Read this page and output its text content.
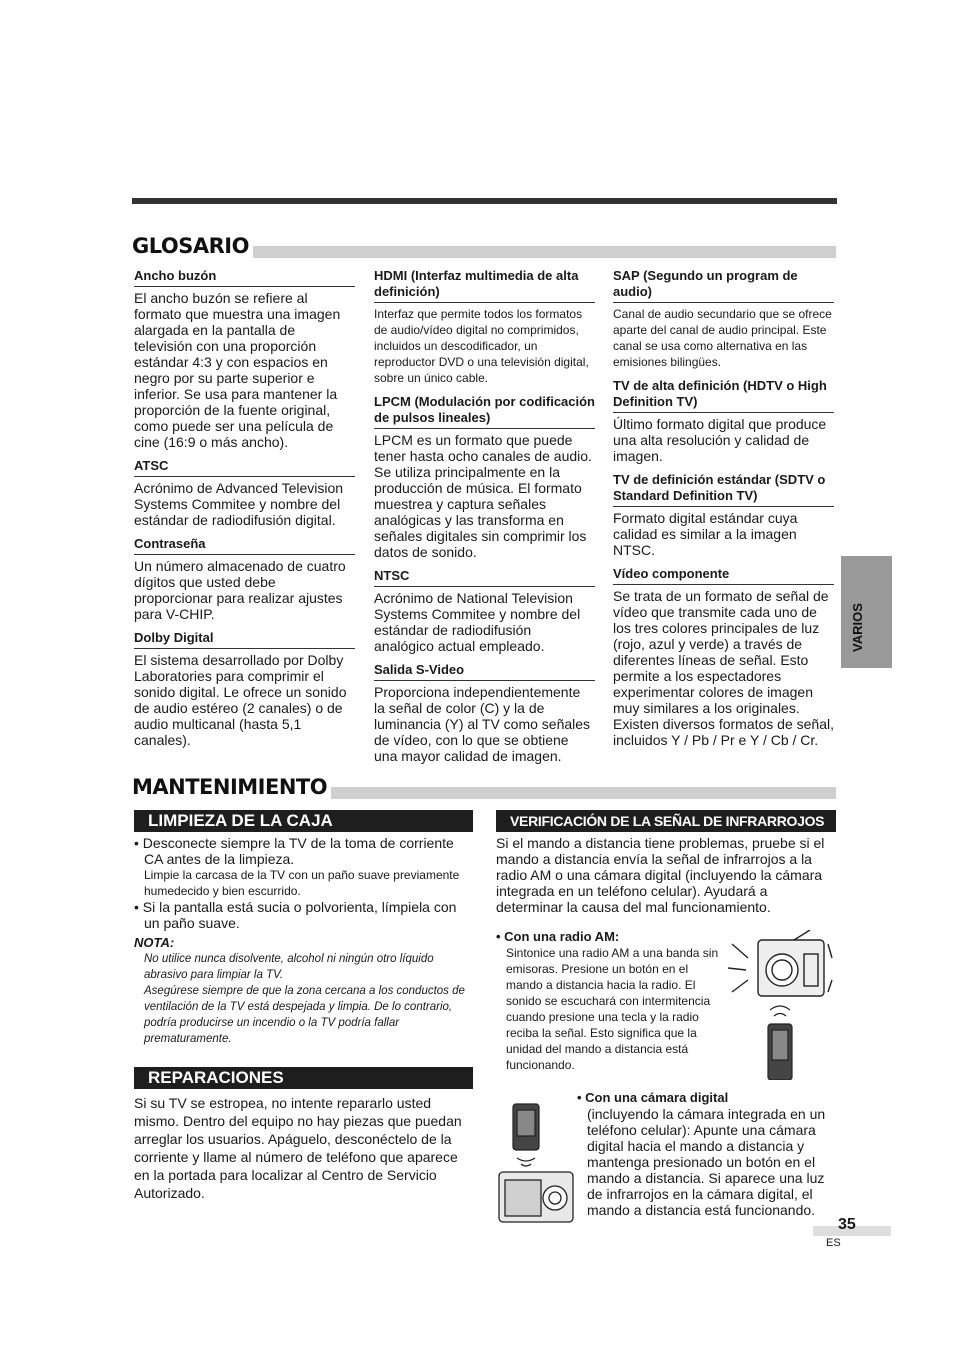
GLOSARIO
Ancho buzón
El ancho buzón se refiere al formato que muestra una imagen alargada en la pantalla de televisión con una proporción estándar 4:3 y con espacios en negro por su parte superior e inferior. Se usa para mantener la proporción de la fuente original, como puede ser una película de cine (16:9 o más ancho).
ATSC
Acrónimo de Advanced Television Systems Commitee y nombre del estándar de radiodifusión digital.
Contraseña
Un número almacenado de cuatro dígitos que usted debe proporcionar para realizar ajustes para V-CHIP.
Dolby Digital
El sistema desarrollado por Dolby Laboratories para comprimir el sonido digital. Le ofrece un sonido de audio estéreo (2 canales) o de audio multicanal (hasta 5,1 canales).
HDMI (Interfaz multimedia de alta definición)
Interfaz que permite todos los formatos de audio/vídeo digital no comprimidos, incluidos un descodificador, un reproductor DVD o una televisión digital, sobre un único cable.
LPCM (Modulación por codificación de pulsos lineales)
LPCM es un formato que puede tener hasta ocho canales de audio. Se utiliza principalmente en la producción de música. El formato muestrea y captura señales analógicas y las transforma en señales digitales sin comprimir los datos de sonido.
NTSC
Acrónimo de National Television Systems Commitee y nombre del estándar de radiodifusión analógico actual empleado.
Salida S-Video
Proporciona independientemente la señal de color (C) y la de luminancia (Y) al TV como señales de vídeo, con lo que se obtiene una mayor calidad de imagen.
SAP (Segundo un program de audio)
Canal de audio secundario que se ofrece aparte del canal de audio principal. Este canal se usa como alternativa en las emisiones bilingües.
TV de alta definición (HDTV o High Definition TV)
Último formato digital que produce una alta resolución y calidad de imagen.
TV de definición estándar (SDTV o Standard Definition TV)
Formato digital estándar cuya calidad es similar a la imagen NTSC.
Vídeo componente
Se trata de un formato de señal de vídeo que transmite cada uno de los tres colores principales de luz (rojo, azul y verde) a través de diferentes líneas de señal. Esto permite a los espectadores experimentar colores de imagen muy similares a los originales. Existen diversos formatos de señal, incluidos Y / Pb / Pr e Y / Cb / Cr.
VARIOS
MANTENIMIENTO
LIMPIEZA DE LA CAJA
• Desconecte siempre la TV de la toma de corriente CA antes de la limpieza.
Limpie la carcasa de la TV con un paño suave previamente humedecido y bien escurrido.
• Si la pantalla está sucia o polvorienta, límpiela con un paño suave.
NOTA:
No utilice nunca disolvente, alcohol ni ningún otro líquido abrasivo para limpiar la TV.
Asegúrese siempre de que la zona cercana a los conductos de ventilación de la TV está despejada y limpia. De lo contrario, podría producirse un incendio o la TV podría fallar prematuramente.
REPARACIONES
Si su TV se estropea, no intente repararlo usted mismo. Dentro del equipo no hay piezas que puedan arreglar los usuarios. Apáguelo, desconéctelo de la corriente y llame al número de teléfono que aparece en la portada para localizar al Centro de Servicio Autorizado.
VERIFICACIÓN DE LA SEÑAL DE INFRARROJOS
Si el mando a distancia tiene problemas, pruebe si el mando a distancia envía la señal de infrarrojos a la radio AM o una cámara digital (incluyendo la cámara integrada en un teléfono celular). Ayudará a determinar la causa del mal funcionamiento.
• Con una radio AM:
Sintonice una radio AM a una banda sin emisoras. Presione un botón en el mando a distancia hacia la radio. El sonido se escuchará con intermitencia cuando presione una tecla y la radio reciba la señal. Esto significa que la unidad del mando a distancia está funcionando.
• Con una cámara digital
(incluyendo la cámara integrada en un teléfono celular): Apunte una cámara digital hacia el mando a distancia y mantenga presionado un botón en el mando a distancia. Si aparece una luz de infrarrojos en la cámara digital, el mando a distancia está funcionando.
35
ES
